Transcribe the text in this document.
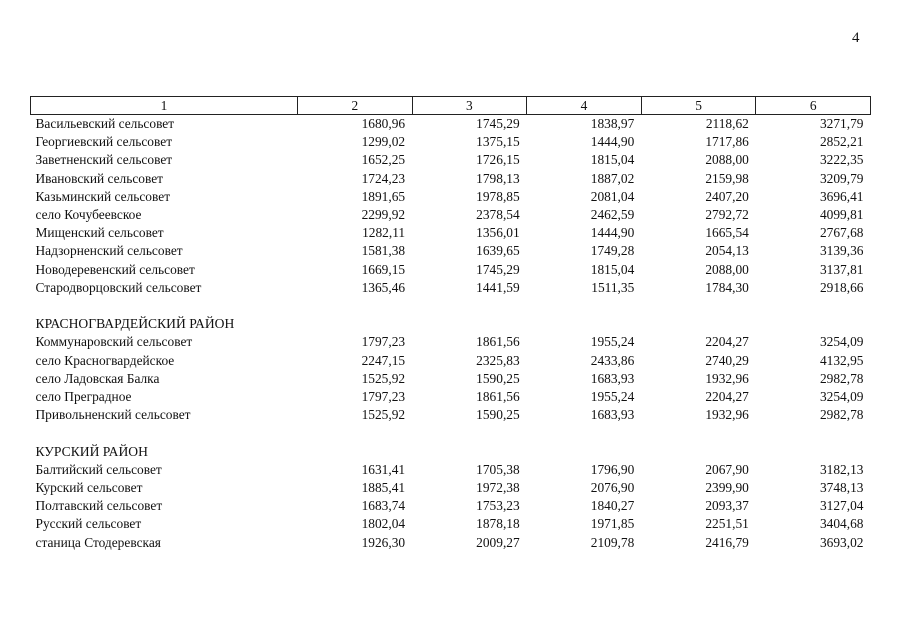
4
1	2	3	4	5	6
Васильевский сельсовет	1680,96	1745,29	1838,97	2118,62	3271,79
Георгиевский сельсовет	1299,02	1375,15	1444,90	1717,86	2852,21
Заветненский сельсовет	1652,25	1726,15	1815,04	2088,00	3222,35
Ивановский сельсовет	1724,23	1798,13	1887,02	2159,98	3209,79
Казьминский сельсовет	1891,65	1978,85	2081,04	2407,20	3696,41
село Кочубеевское	2299,92	2378,54	2462,59	2792,72	4099,81
Мищенский сельсовет	1282,11	1356,01	1444,90	1665,54	2767,68
Надзорненский сельсовет	1581,38	1639,65	1749,28	2054,13	3139,36
Новодеревенский сельсовет	1669,15	1745,29	1815,04	2088,00	3137,81
Стародворцовский сельсовет	1365,46	1441,59	1511,35	1784,30	2918,66

КРАСНОГВАРДЕЙСКИЙ РАЙОН					
Коммунаровский сельсовет	1797,23	1861,56	1955,24	2204,27	3254,09
село Красногвардейское	2247,15	2325,83	2433,86	2740,29	4132,95
село Ладовская Балка	1525,92	1590,25	1683,93	1932,96	2982,78
село Преградное	1797,23	1861,56	1955,24	2204,27	3254,09
Привольненский сельсовет	1525,92	1590,25	1683,93	1932,96	2982,78

КУРСКИЙ РАЙОН					
Балтийский сельсовет	1631,41	1705,38	1796,90	2067,90	3182,13
Курский сельсовет	1885,41	1972,38	2076,90	2399,90	3748,13
Полтавский сельсовет	1683,74	1753,23	1840,27	2093,37	3127,04
Русский сельсовет	1802,04	1878,18	1971,85	2251,51	3404,68
станица Стодеревская	1926,30	2009,27	2109,78	2416,79	3693,02
